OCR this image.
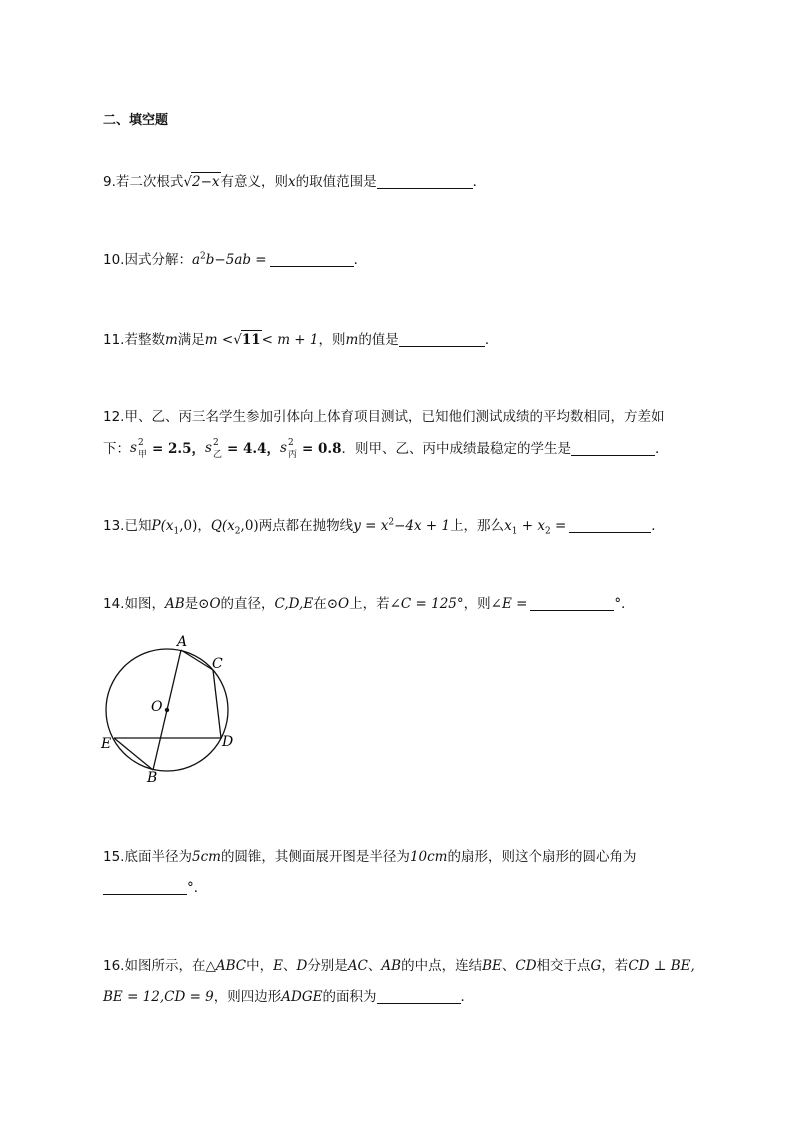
二、填空题
9.若二次根式√2−x有意义，则x的取值范围是	．
10.因式分解：$a^2b-5ab$ =	．
11.若整数m满足m <√11< m + 1，则m的值是	．
12.甲、乙、丙三名学生参加引体向上体育项目测试，已知他们测试成绩的平均数相同，方差如
下： s 2
甲 = 2.5， s 2
乙 = 4.4， s 2
丙 = 0.8．则甲、乙、丙中成绩最稳定的学生是	．
13.已知$P(x_1,0)$，$Q(x_2,0)$两点都在抛物线$y = x^2-4x + 1$上，那么$x_1 + x_2$ =	．
14.如图，AB是⊙O的直径，C,D,E在⊙O上，若∠C = 125°，则∠E =	°．
A
C
O
E	D
B
15.底面半径为5cm的圆锥，其侧面展开图是半径为10cm的扇形，则这个扇形的圆心角为
°．
16.如图所示，在△ABC中，E、D分别是AC、AB的中点，连结BE、CD相交于点G，若CD ⊥ BE,
BE = 12,CD = 9，则四边形ADGE的面积为	．
